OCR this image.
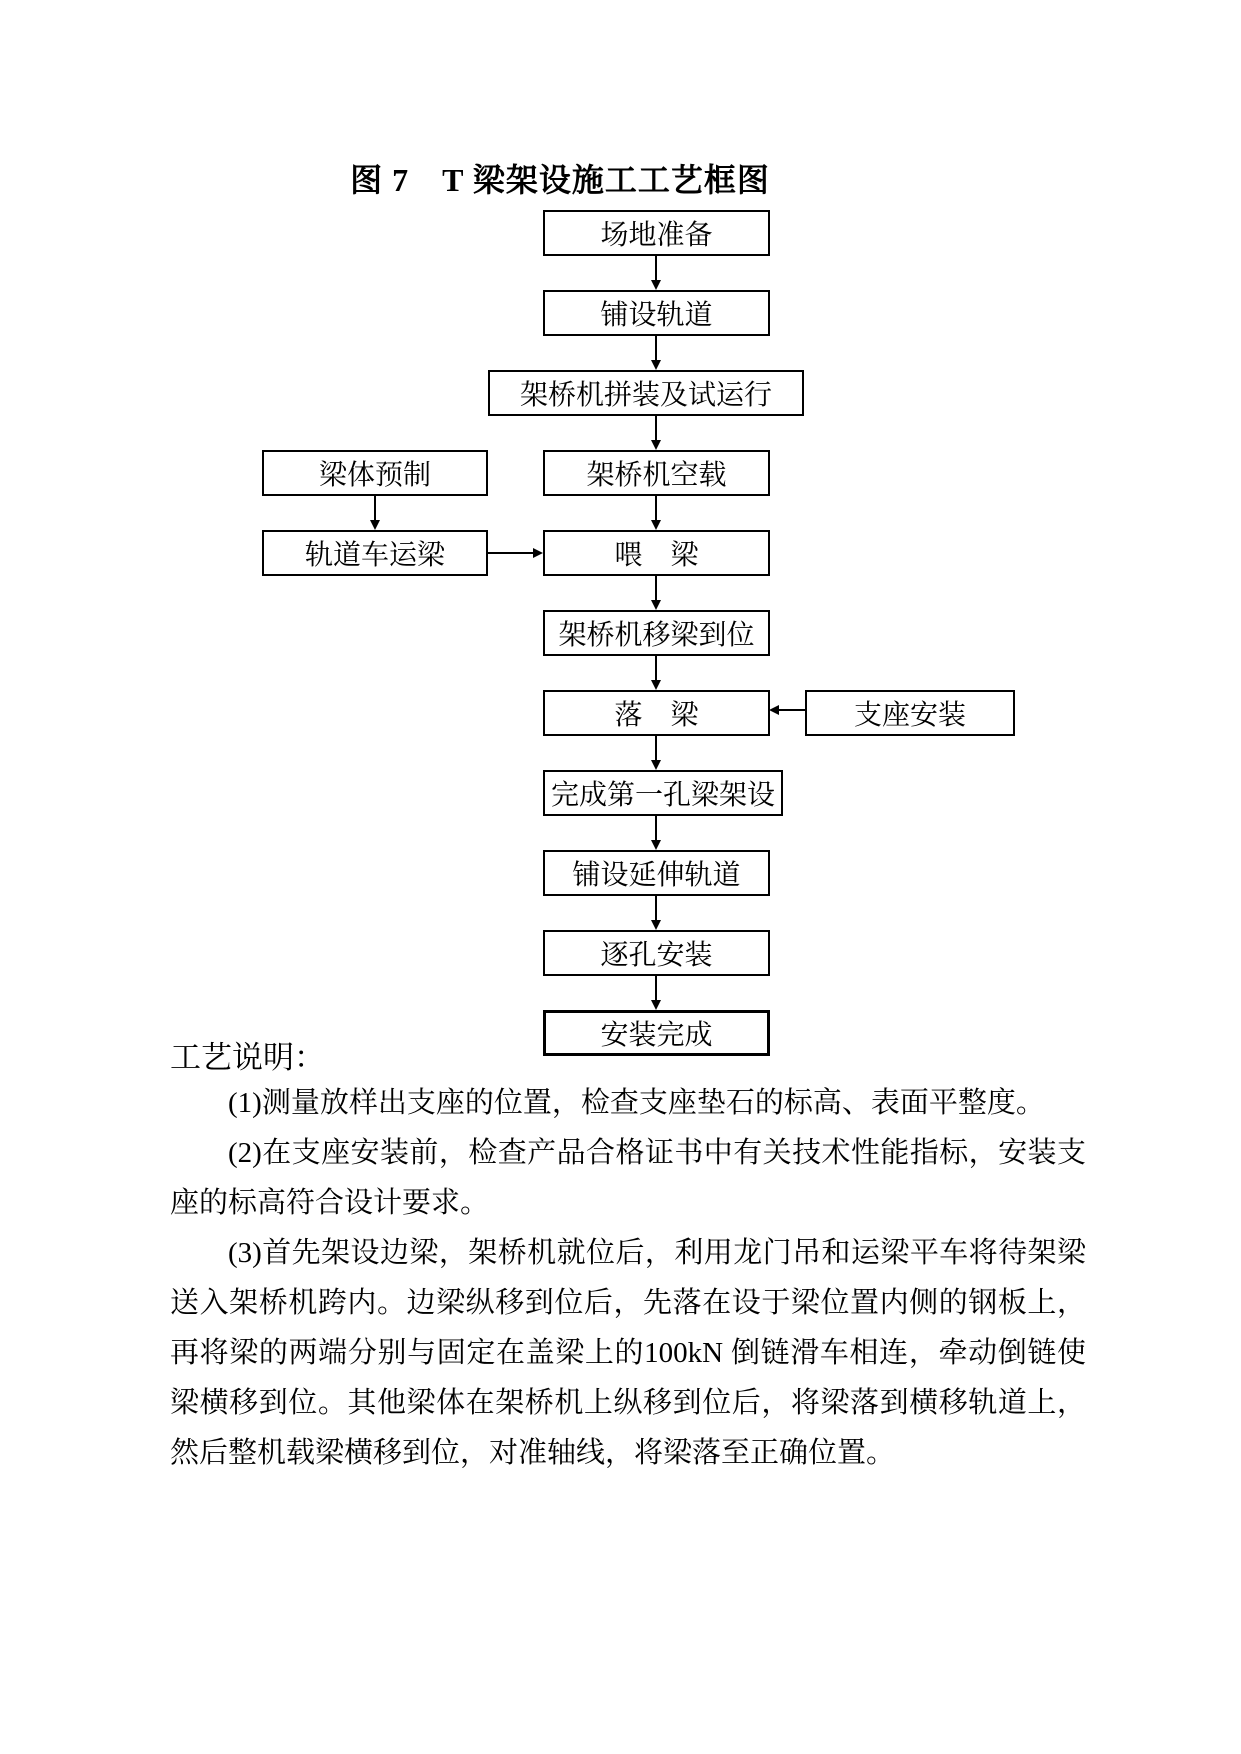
图 7　T 梁架设施工工艺框图
场地准备
铺设轨道
架桥机拼装及试运行
梁体预制	架桥机空载
轨道车运梁	喂　梁
架桥机移梁到位
落　梁	支座安装
完成第一孔梁架设
铺设延伸轨道
逐孔安装
安装完成
工艺说明：

(1)测量放样出支座的位置，检查支座垫石的标高、表面平整度。

(2)在支座安装前，检查产品合格证书中有关技术性能指标，安装支座的标高符合设计要求。

(3)首先架设边梁，架桥机就位后，利用龙门吊和运梁平车将待架梁送入架桥机跨内。边梁纵移到位后，先落在设于梁位置内侧的钢板上，再将梁的两端分别与固定在盖梁上的100kN 倒链滑车相连，牵动倒链使梁横移到位。其他梁体在架桥机上纵移到位后，将梁落到横移轨道上，然后整机载梁横移到位，对准轴线，将梁落至正确位置。
